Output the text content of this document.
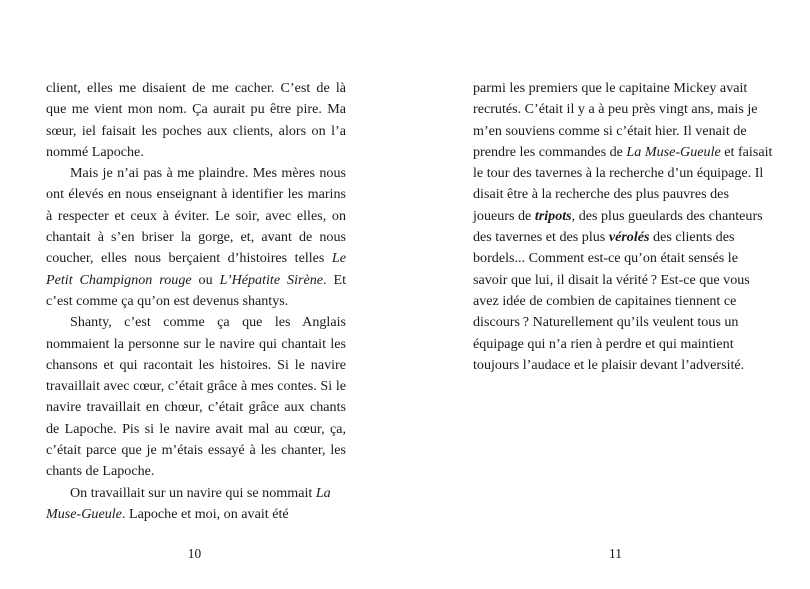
client, elles me disaient de me cacher. C’est de là que me vient mon nom. Ça aurait pu être pire. Ma sœur, iel faisait les poches aux clients, alors on l’a nommé Lapoche.

Mais je n’ai pas à me plaindre. Mes mères nous ont élevés en nous enseignant à identifier les marins à respecter et ceux à éviter. Le soir, avec elles, on chantait à s’en briser la gorge, et, avant de nous coucher, elles nous berçaient d’histoires telles Le Petit Champignon rouge ou L’Hépatite Sirène. Et c’est comme ça qu’on est devenus shantys.

Shanty, c’est comme ça que les Anglais nommaient la personne sur le navire qui chantait les chansons et qui racontait les histoires. Si le navire travaillait avec cœur, c’était grâce à mes contes. Si le navire travaillait en chœur, c’était grâce aux chants de Lapoche. Pis si le navire avait mal au cœur, ça, c’était parce que je m’étais essayé à les chanter, les chants de Lapoche.

On travaillait sur un navire qui se nommait La Muse-Gueule. Lapoche et moi, on avait été

10

parmi les premiers que le capitaine Mickey avait recrutés. C’était il y a à peu près vingt ans, mais je m’en souviens comme si c’était hier. Il venait de prendre les commandes de La Muse-Gueule et faisait le tour des tavernes à la recherche d’un équipage. Il disait être à la recherche des plus pauvres des joueurs de tripots, des plus gueulards des chanteurs des tavernes et des plus vérolés des clients des bordels... Comment est-ce qu’on était sensés le savoir que lui, il disait la vérité ? Est-ce que vous avez idée de combien de capitaines tiennent ce discours ? Naturellement qu’ils veulent tous un équipage qui n’a rien à perdre et qui maintient toujours l’audace et le plaisir devant l’adversité.

11
